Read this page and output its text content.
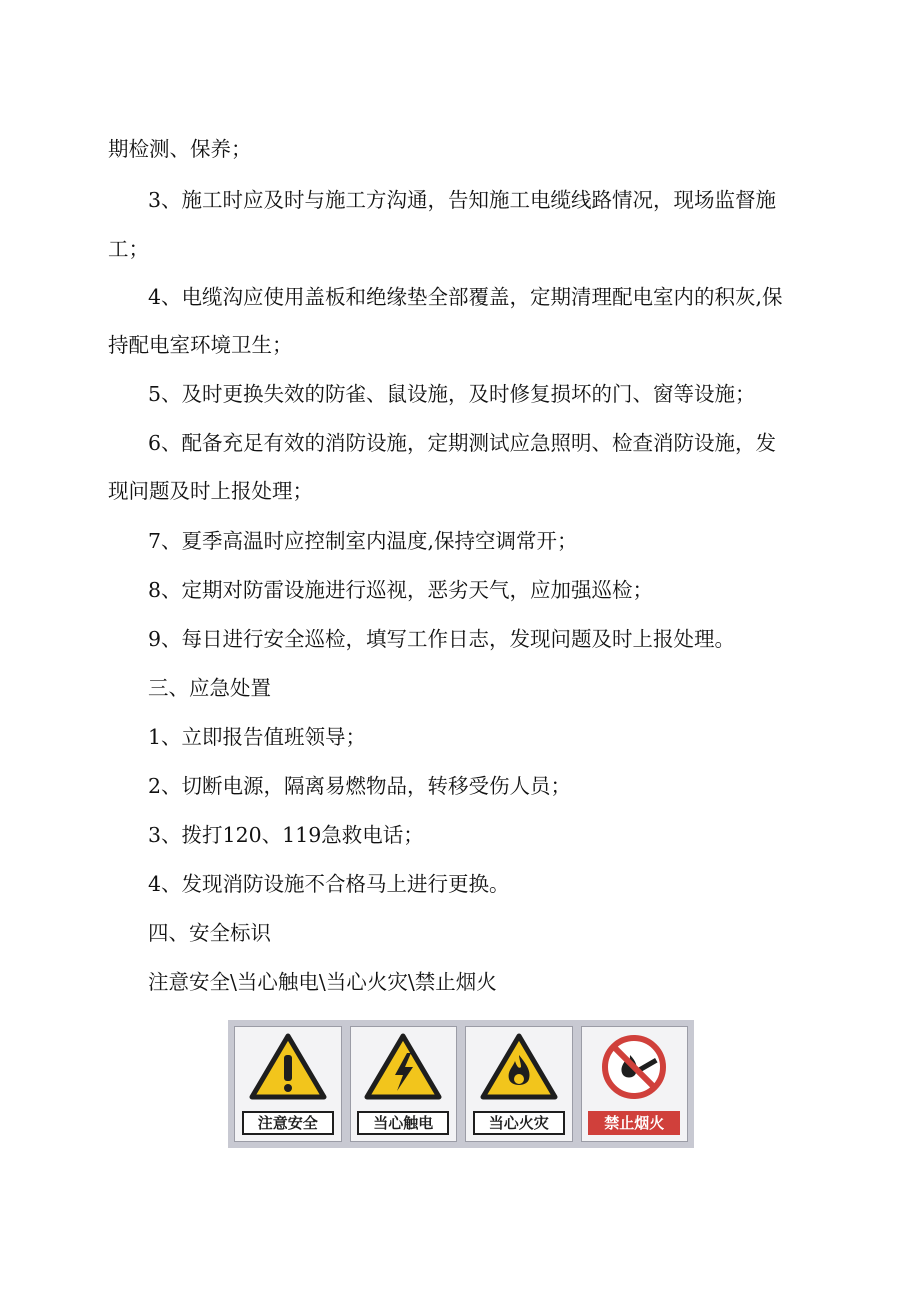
期检测、保养；
3、施工时应及时与施工方沟通，告知施工电缆线路情况，现场监督施
工；
4、电缆沟应使用盖板和绝缘垫全部覆盖，定期清理配电室内的积灰,保
持配电室环境卫生；
5、及时更换失效的防雀、鼠设施，及时修复损坏的门、窗等设施；
6、配备充足有效的消防设施，定期测试应急照明、检查消防设施，发
现问题及时上报处理；
7、夏季高温时应控制室内温度,保持空调常开；
8、定期对防雷设施进行巡视，恶劣天气，应加强巡检；
9、每日进行安全巡检，填写工作日志，发现问题及时上报处理。
三、应急处置
1、立即报告值班领导；
2、切断电源，隔离易燃物品，转移受伤人员；
3、拨打120、119急救电话；
4、发现消防设施不合格马上进行更换。
四、安全标识
注意安全\当心触电\当心火灾\禁止烟火
注意安全	当心触电	当心火灾	禁止烟火
